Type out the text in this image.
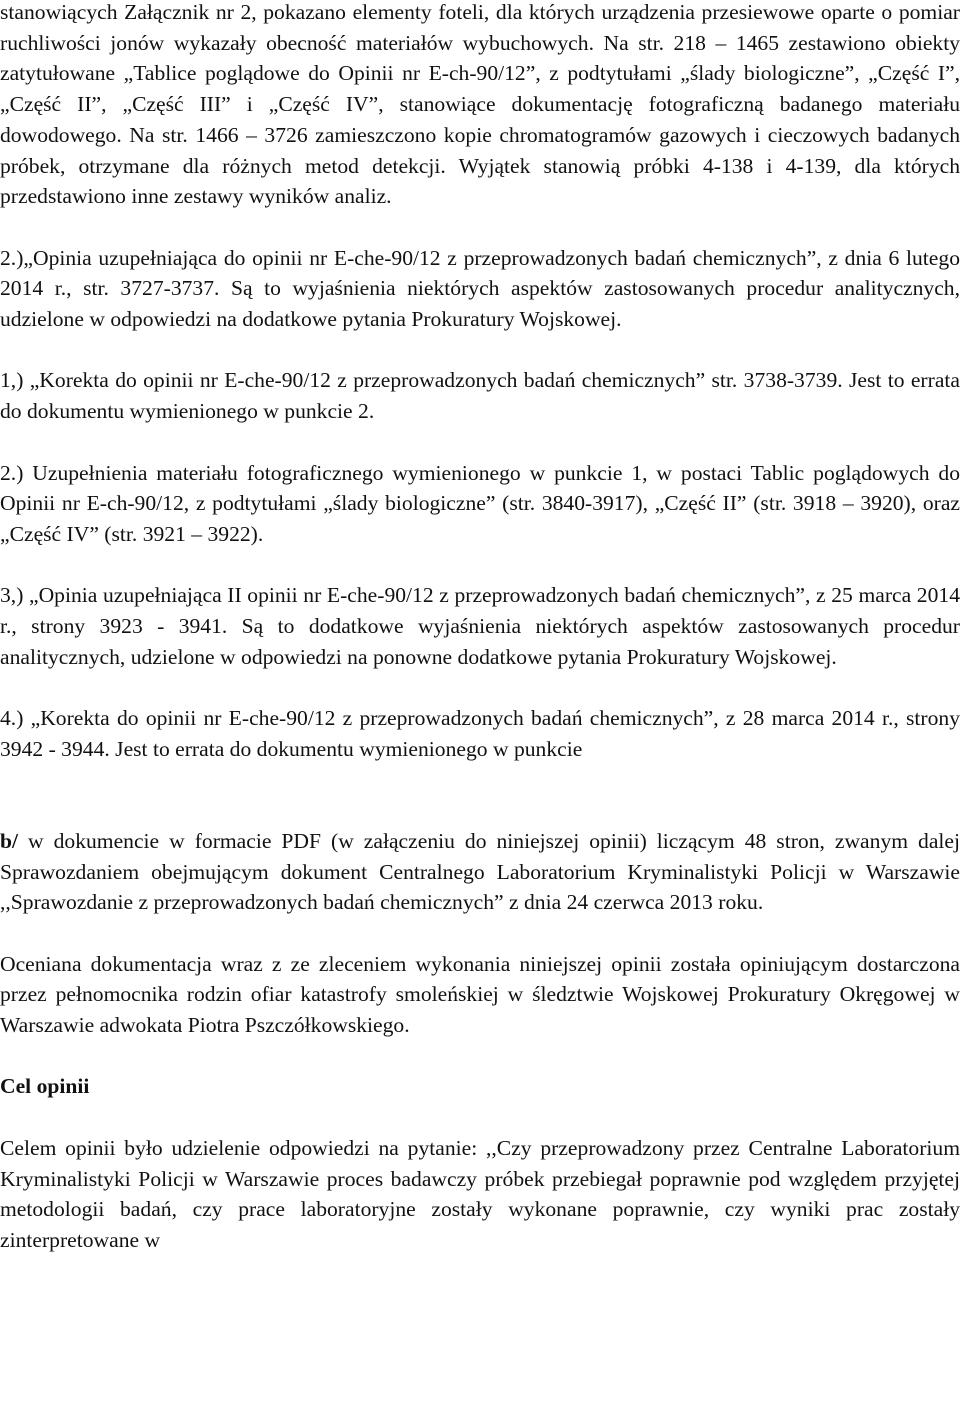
stanowiących Załącznik nr 2, pokazano elementy foteli, dla których urządzenia przesiewowe oparte o pomiar ruchliwości jonów wykazały obecność materiałów wybuchowych. Na str. 218 – 1465 zestawiono obiekty zatytułowane „Tablice poglądowe do Opinii nr E-ch-90/12”, z podtytułami „ślady biologiczne”, „Część I”, „Część II”, „Część III” i „Część IV”, stanowiące dokumentację fotograficzną badanego materiału dowodowego. Na str. 1466 – 3726 zamieszczono kopie chromatogramów gazowych i cieczowych badanych próbek, otrzymane dla różnych metod detekcji. Wyjątek stanowią próbki 4-138 i 4-139, dla których przedstawiono inne zestawy wyników analiz.

2.)„Opinia uzupełniająca do opinii nr E-che-90/12 z przeprowadzonych badań chemicznych”, z dnia 6 lutego 2014 r., str. 3727-3737. Są to wyjaśnienia niektórych aspektów zastosowanych procedur analitycznych, udzielone w odpowiedzi na dodatkowe pytania Prokuratury Wojskowej.

1,) „Korekta do opinii nr E-che-90/12 z przeprowadzonych badań chemicznych” str. 3738-3739. Jest to errata do dokumentu wymienionego w punkcie 2.

2.) Uzupełnienia materiału fotograficznego wymienionego w punkcie 1, w postaci Tablic poglądowych do Opinii nr E-ch-90/12, z podtytułami „ślady biologiczne” (str. 3840-3917), „Część II” (str. 3918 – 3920), oraz „Część IV” (str. 3921 – 3922).

3,) „Opinia uzupełniająca II opinii nr E-che-90/12 z przeprowadzonych badań chemicznych”, z 25 marca 2014 r., strony 3923 - 3941. Są to dodatkowe wyjaśnienia niektórych aspektów zastosowanych procedur analitycznych, udzielone w odpowiedzi na ponowne dodatkowe pytania Prokuratury Wojskowej.

4.) „Korekta do opinii nr E-che-90/12 z przeprowadzonych badań chemicznych”, z 28 marca 2014 r., strony 3942 - 3944. Jest to errata do dokumentu wymienionego w punkcie

b/ w dokumencie w formacie PDF (w załączeniu do niniejszej opinii) liczącym 48 stron, zwanym dalej Sprawozdaniem obejmującym dokument Centralnego Laboratorium Kryminalistyki Policji w Warszawie ,,Sprawozdanie z przeprowadzonych badań chemicznych” z dnia 24 czerwca 2013 roku.

Oceniana dokumentacja wraz z ze zleceniem wykonania niniejszej opinii została opiniującym dostarczona przez pełnomocnika rodzin ofiar katastrofy smoleńskiej w śledztwie Wojskowej Prokuratury Okręgowej w Warszawie adwokata Piotra Pszczółkowskiego.

Cel opinii

Celem opinii było udzielenie odpowiedzi na pytanie: ,,Czy przeprowadzony przez Centralne Laboratorium Kryminalistyki Policji w Warszawie proces badawczy próbek przebiegał poprawnie pod względem przyjętej metodologii badań, czy prace laboratoryjne zostały wykonane poprawnie, czy wyniki prac zostały zinterpretowane w
